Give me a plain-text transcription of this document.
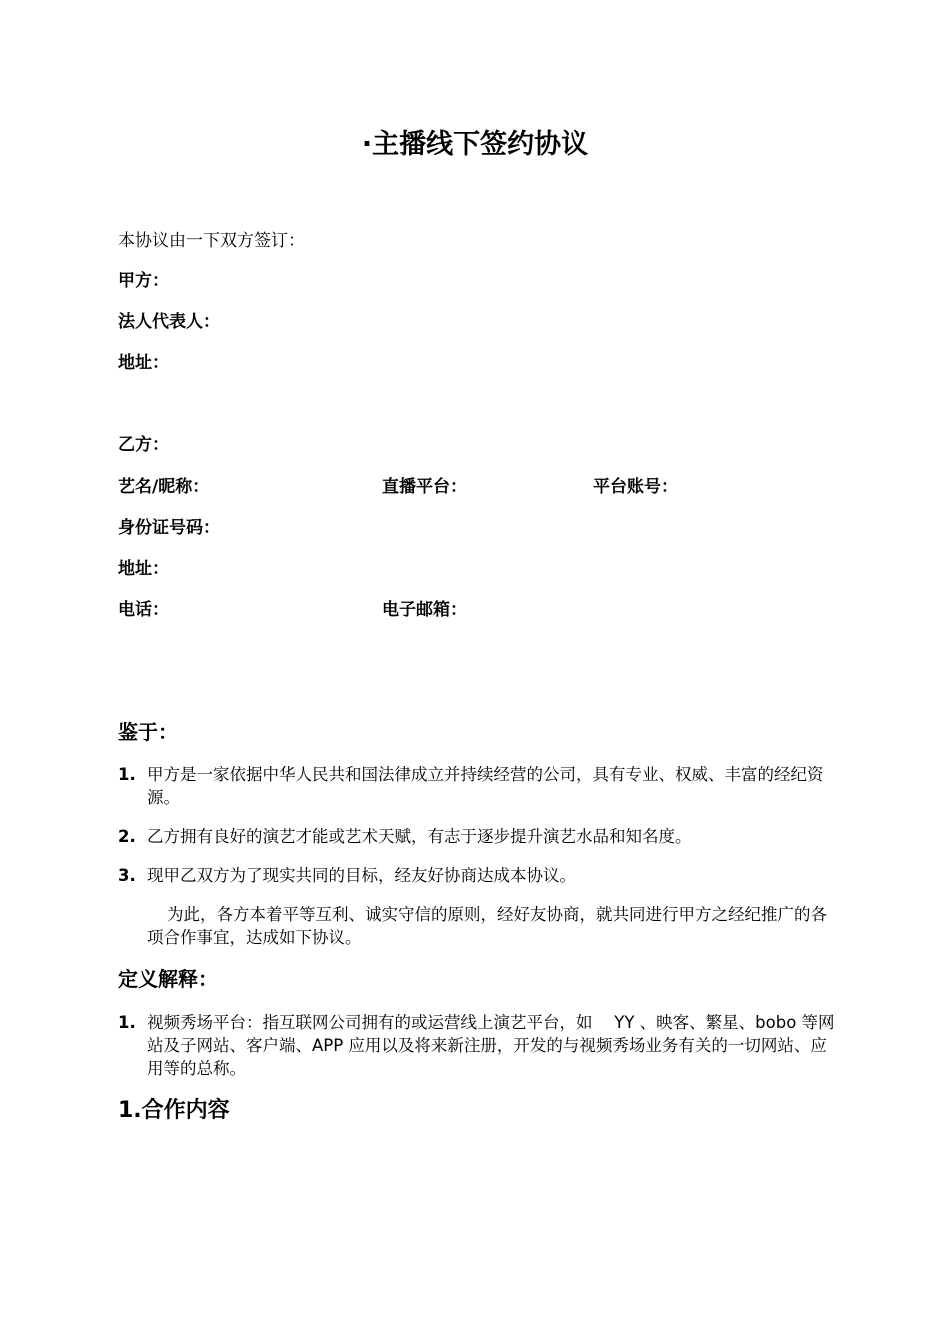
·主播线下签约协议
本协议由一下双方签订：
甲方：
法人代表人：
地址：
乙方：
艺名/昵称：	直播平台：	平台账号：
身份证号码：
地址：
电话：	电子邮箱：
鉴于：
1. 甲方是一家依据中华人民共和国法律成立并持续经营的公司，具有专业、权威、丰富的经纪资源。
2. 乙方拥有良好的演艺才能或艺术天赋，有志于逐步提升演艺水品和知名度。
3. 现甲乙双方为了现实共同的目标，经友好协商达成本协议。
为此，各方本着平等互利、诚实守信的原则，经好友协商，就共同进行甲方之经纪推广的各项合作事宜，达成如下协议。
定义解释：
1. 视频秀场平台：指互联网公司拥有的或运营线上演艺平台，如　 YY 、映客、繁星、bobo 等网站及子网站、客户端、APP 应用以及将来新注册，开发的与视频秀场业务有关的一切网站、应用等的总称。
1.合作内容
